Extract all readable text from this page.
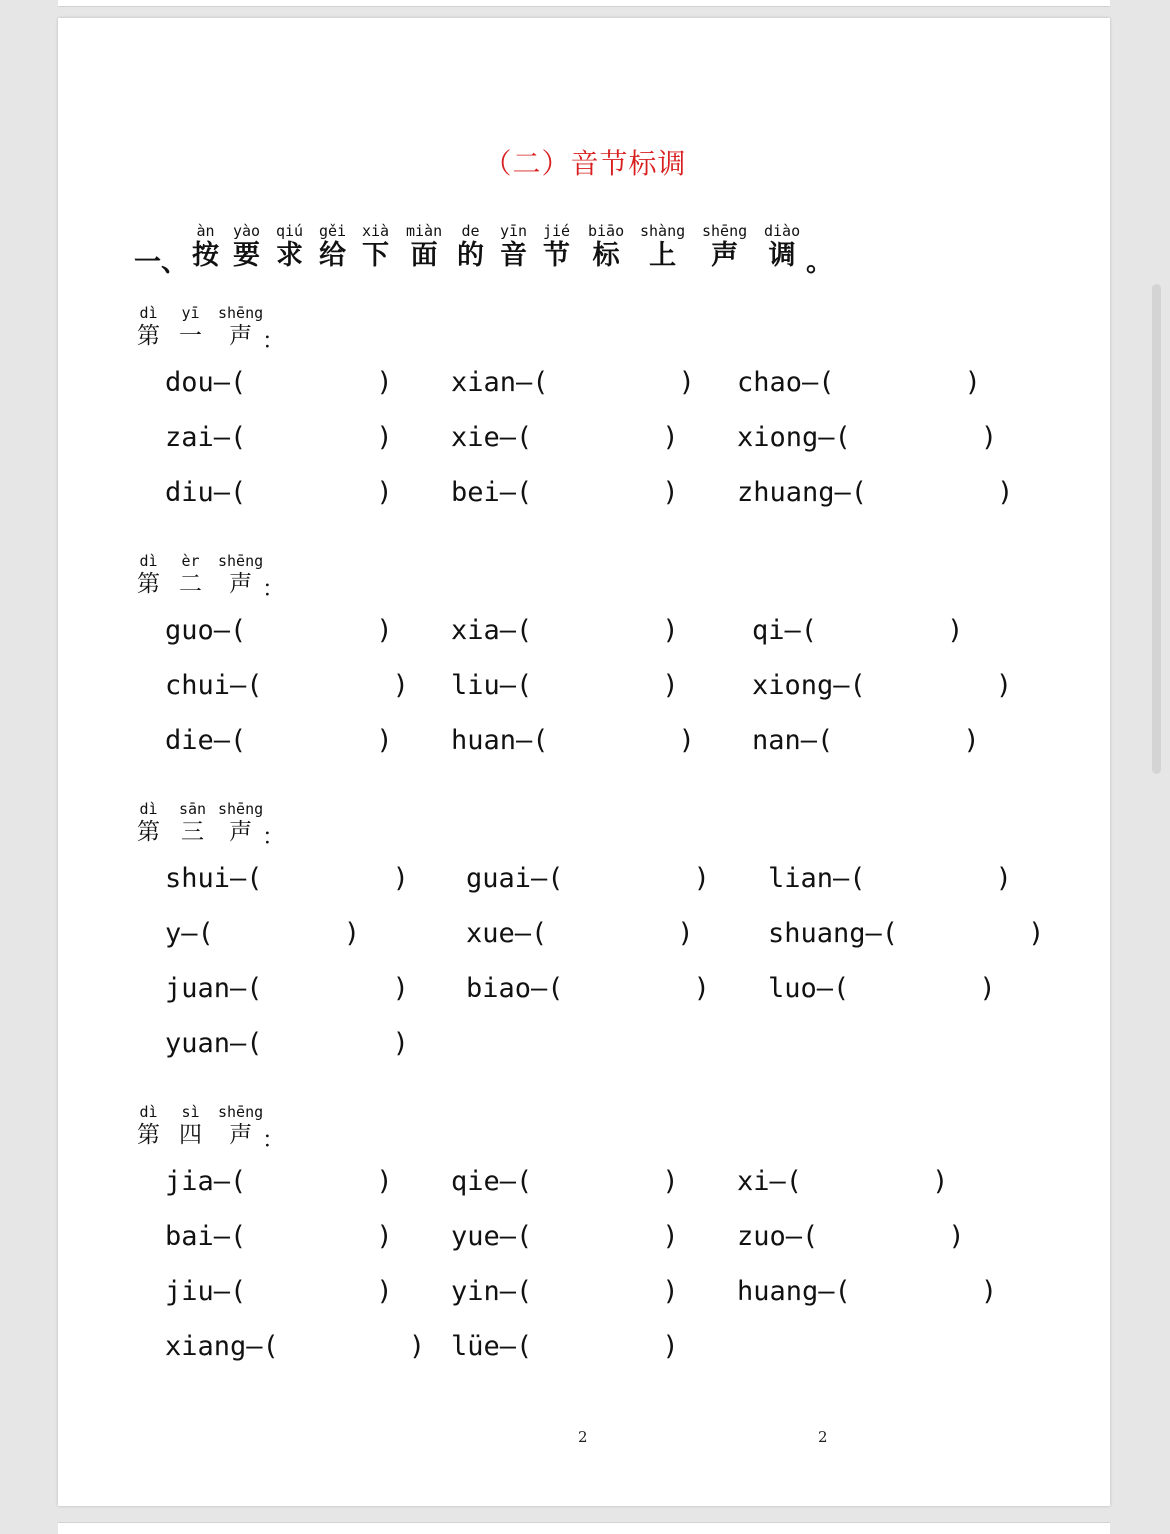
（二）音节标调
一、
àn
按
yào
要
qiú
求
gěi
给
xià
下
miàn
面
de
的
yīn
音
jié
节
biāo
标
shàng
上
shēng
声
diào
调 。
dì
第
yī
一
shēng
声 ：
dou—(        ) xian—(        ) chao—(        )
zai—(        ) xie—(        ) xiong—(        )
diu—(        ) bei—(        ) zhuang—(        )
dì
第
èr
二
shēng
声 ：
guo—(        ) xia—(        )	qi—(        )
chui—(        ) liu—(        )	xiong—(        )
die—(        ) huan—(        ) nan—(        )
dì
第
sān
三
shēng
声 ：
shui—(        ) guai—(        ) lian—(        )
y—(        )	xue—(        )	shuang—(        )
juan—(        ) biao—(        ) luo—(        )
yuan—(        )
dì
第
sì
四
shēng
声 ：
jia—(        ) qie—(        ) xi—(        )
bai—(        ) yue—(        ) zuo—(        )
jiu—(        ) yin—(        ) huang—(        )
xiang—(        ) lüe—(        )
2	2
